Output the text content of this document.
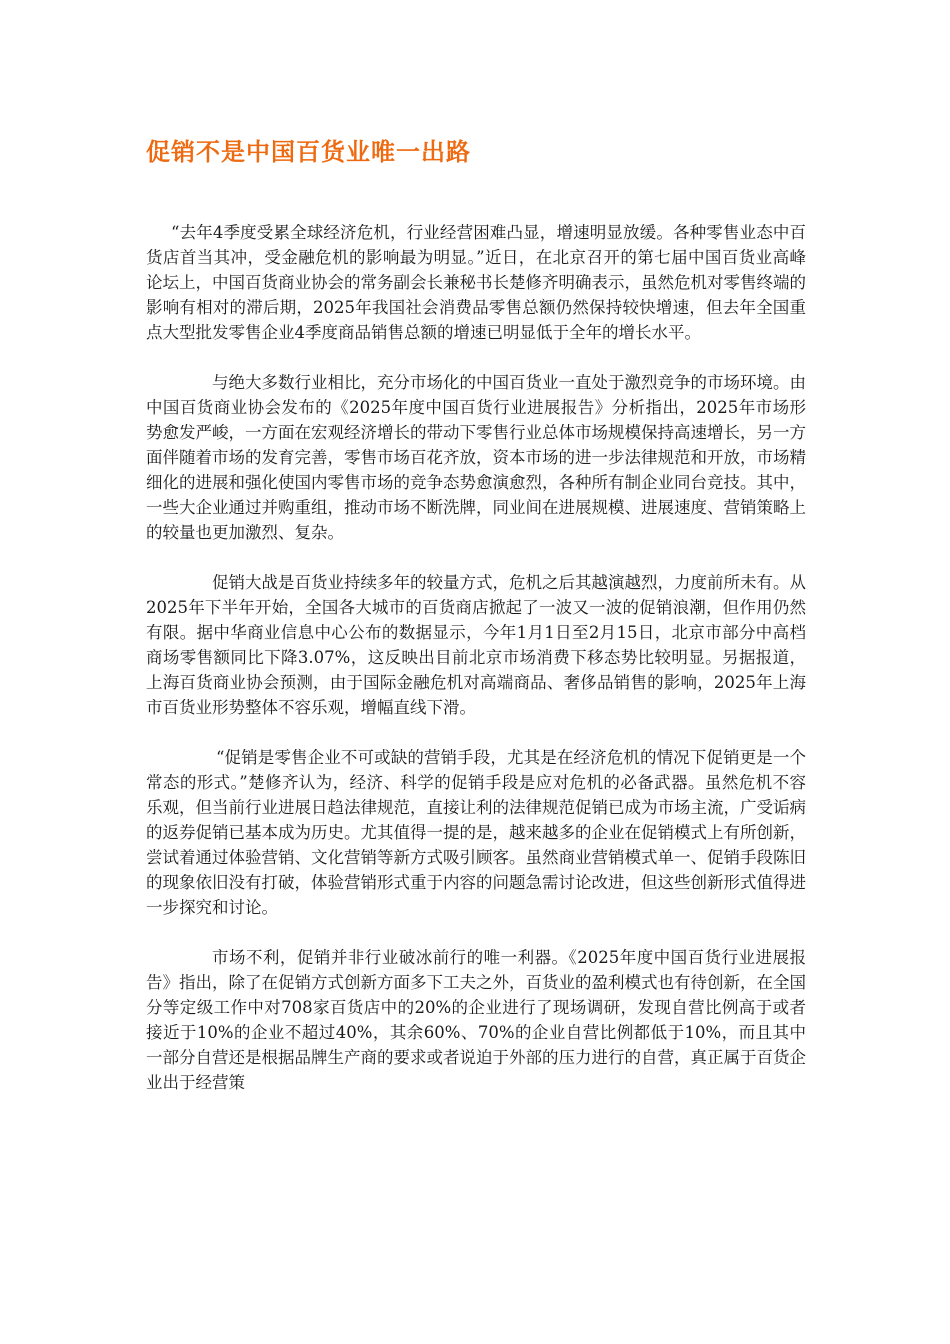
促销不是中国百货业唯一出路

“去年4季度受累全球经济危机，行业经营困难凸显，增速明显放缓。各种零售业态中百货店首当其冲，受金融危机的影响最为明显。”近日，在北京召开的第七届中国百货业高峰论坛上，中国百货商业协会的常务副会长兼秘书长楚修齐明确表示，虽然危机对零售终端的影响有相对的滞后期，2025年我国社会消费品零售总额仍然保持较快增速，但去年全国重点大型批发零售企业4季度商品销售总额的增速已明显低于全年的增长水平。

与绝大多数行业相比，充分市场化的中国百货业一直处于激烈竞争的市场环境。由中国百货商业协会发布的《2025年度中国百货行业进展报告》分析指出，2025年市场形势愈发严峻，一方面在宏观经济增长的带动下零售行业总体市场规模保持高速增长，另一方面伴随着市场的发育完善，零售市场百花齐放，资本市场的进一步法律规范和开放，市场精细化的进展和强化使国内零售市场的竞争态势愈演愈烈，各种所有制企业同台竞技。其中，一些大企业通过并购重组，推动市场不断洗牌，同业间在进展规模、进展速度、营销策略上的较量也更加激烈、复杂。

促销大战是百货业持续多年的较量方式，危机之后其越演越烈，力度前所未有。从2025年下半年开始，全国各大城市的百货商店掀起了一波又一波的促销浪潮，但作用仍然有限。据中华商业信息中心公布的数据显示，今年1月1日至2月15日，北京市部分中高档商场零售额同比下降3.07%，这反映出目前北京市场消费下移态势比较明显。另据报道，上海百货商业协会预测，由于国际金融危机对高端商品、奢侈品销售的影响，2025年上海市百货业形势整体不容乐观，增幅直线下滑。

“促销是零售企业不可或缺的营销手段，尤其是在经济危机的情况下促销更是一个常态的形式。”楚修齐认为，经济、科学的促销手段是应对危机的必备武器。虽然危机不容乐观，但当前行业进展日趋法律规范，直接让利的法律规范促销已成为市场主流，广受诟病的返券促销已基本成为历史。尤其值得一提的是，越来越多的企业在促销模式上有所创新，尝试着通过体验营销、文化营销等新方式吸引顾客。虽然商业营销模式单一、促销手段陈旧的现象依旧没有打破，体验营销形式重于内容的问题急需讨论改进，但这些创新形式值得进一步探究和讨论。

市场不利，促销并非行业破冰前行的唯一利器。《2025年度中国百货行业进展报告》指出，除了在促销方式创新方面多下工夫之外，百货业的盈利模式也有待创新，在全国分等定级工作中对708家百货店中的20%的企业进行了现场调研，发现自营比例高于或者接近于10%的企业不超过40%，其余60%、70%的企业自营比例都低于10%，而且其中一部分自营还是根据品牌生产商的要求或者说迫于外部的压力进行的自营，真正属于百货企业出于经营策
